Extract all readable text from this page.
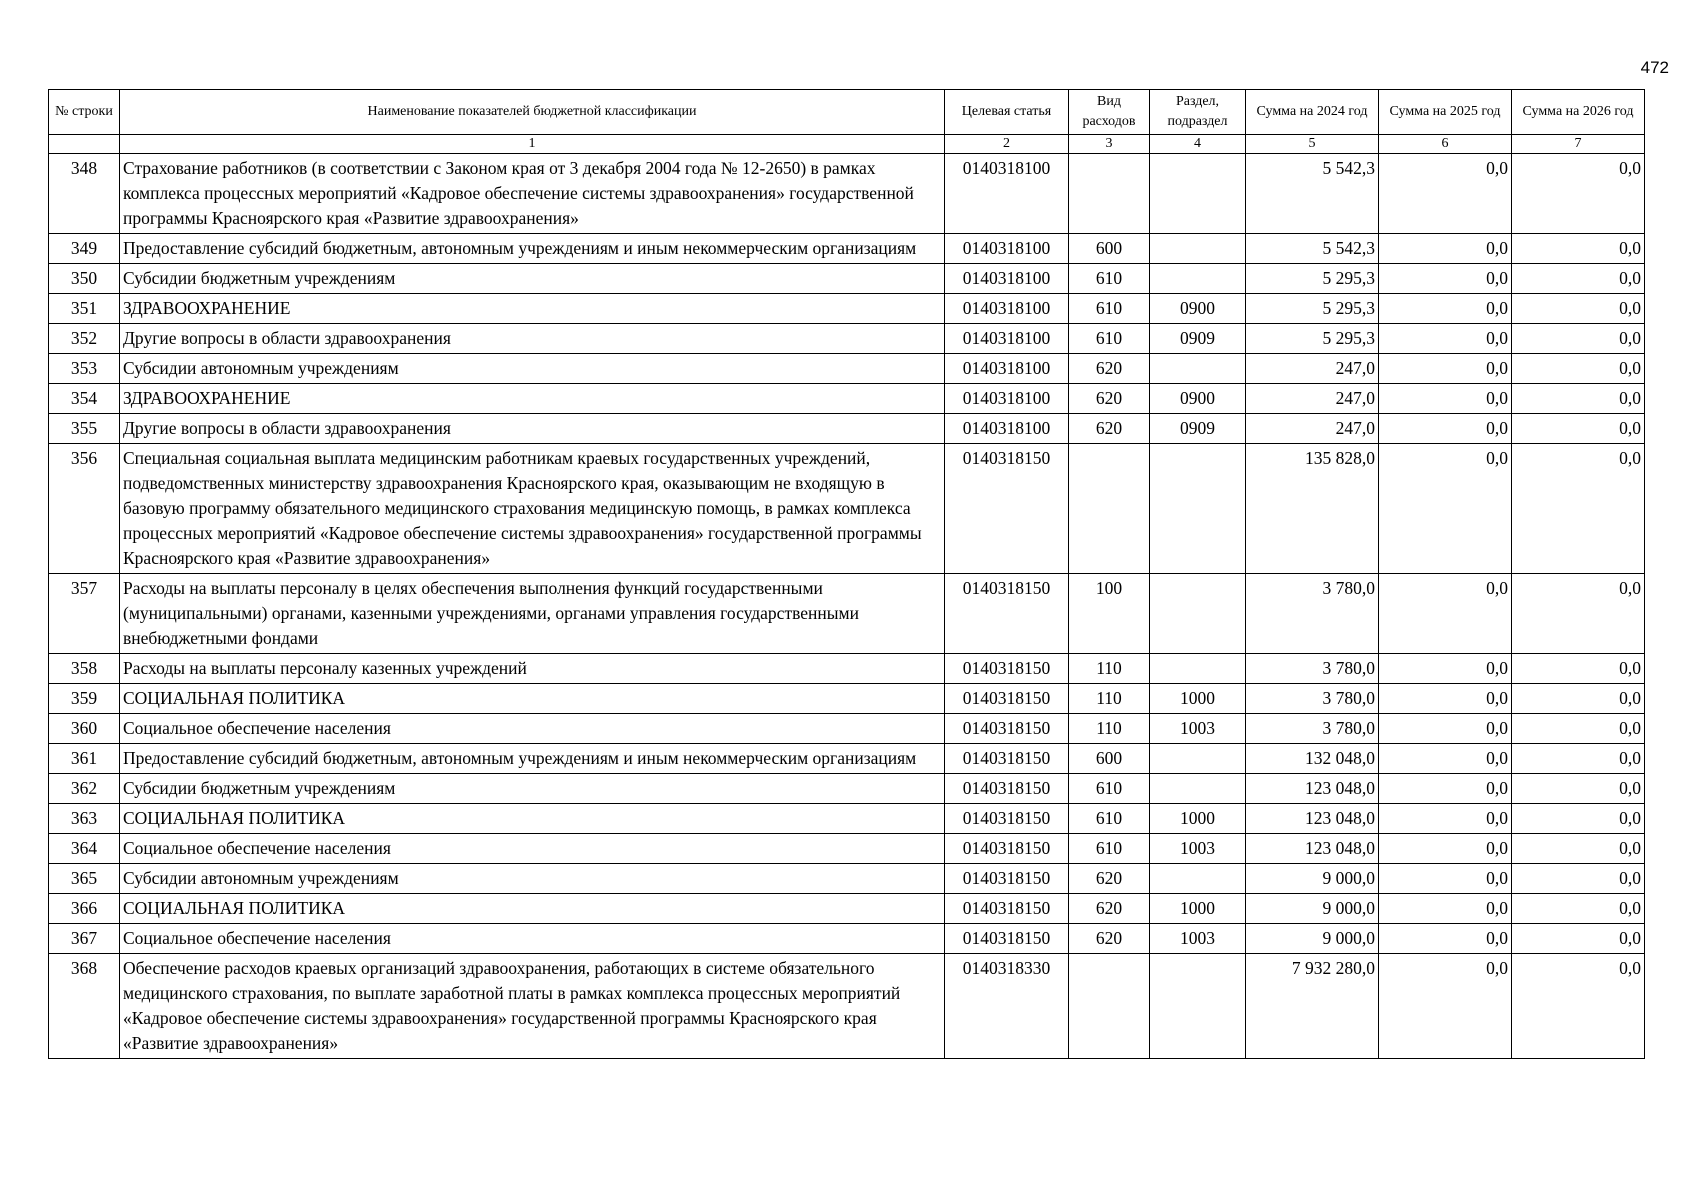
472
№ строки	Наименование показателей бюджетной классификации	Целевая статья	Вид расходов	Раздел, подраздел	Сумма на 2024 год	Сумма на 2025 год	Сумма на 2026 год
	1	2	3	4	5	6	7
348	Страхование работников (в соответствии с Законом края от 3 декабря 2004 года № 12-2650) в рамках комплекса процессных мероприятий «Кадровое обеспечение системы здравоохранения» государственной программы Красноярского края «Развитие здравоохранения»	0140318100			5 542,3	0,0	0,0
349	Предоставление субсидий бюджетным, автономным учреждениям и иным некоммерческим организациям	0140318100	600		5 542,3	0,0	0,0
350	Субсидии бюджетным учреждениям	0140318100	610		5 295,3	0,0	0,0
351	ЗДРАВООХРАНЕНИЕ	0140318100	610	0900	5 295,3	0,0	0,0
352	Другие вопросы в области здравоохранения	0140318100	610	0909	5 295,3	0,0	0,0
353	Субсидии автономным учреждениям	0140318100	620		247,0	0,0	0,0
354	ЗДРАВООХРАНЕНИЕ	0140318100	620	0900	247,0	0,0	0,0
355	Другие вопросы в области здравоохранения	0140318100	620	0909	247,0	0,0	0,0
356	Специальная социальная выплата медицинским работникам краевых государственных учреждений, подведомственных министерству здравоохранения Красноярского края, оказывающим не входящую в базовую программу обязательного медицинского страхования медицинскую помощь, в рамках комплекса процессных мероприятий «Кадровое обеспечение системы здравоохранения» государственной программы Красноярского края «Развитие здравоохранения»	0140318150			135 828,0	0,0	0,0
357	Расходы на выплаты персоналу в целях обеспечения выполнения функций государственными (муниципальными) органами, казенными учреждениями, органами управления государственными внебюджетными фондами	0140318150	100		3 780,0	0,0	0,0
358	Расходы на выплаты персоналу казенных учреждений	0140318150	110		3 780,0	0,0	0,0
359	СОЦИАЛЬНАЯ ПОЛИТИКА	0140318150	110	1000	3 780,0	0,0	0,0
360	Социальное обеспечение населения	0140318150	110	1003	3 780,0	0,0	0,0
361	Предоставление субсидий бюджетным, автономным учреждениям и иным некоммерческим организациям	0140318150	600		132 048,0	0,0	0,0
362	Субсидии бюджетным учреждениям	0140318150	610		123 048,0	0,0	0,0
363	СОЦИАЛЬНАЯ ПОЛИТИКА	0140318150	610	1000	123 048,0	0,0	0,0
364	Социальное обеспечение населения	0140318150	610	1003	123 048,0	0,0	0,0
365	Субсидии автономным учреждениям	0140318150	620		9 000,0	0,0	0,0
366	СОЦИАЛЬНАЯ ПОЛИТИКА	0140318150	620	1000	9 000,0	0,0	0,0
367	Социальное обеспечение населения	0140318150	620	1003	9 000,0	0,0	0,0
368	Обеспечение расходов краевых организаций здравоохранения, работающих в системе обязательного медицинского страхования, по выплате заработной платы в рамках комплекса процессных мероприятий «Кадровое обеспечение системы здравоохранения» государственной программы Красноярского края «Развитие здравоохранения»	0140318330			7 932 280,0	0,0	0,0
